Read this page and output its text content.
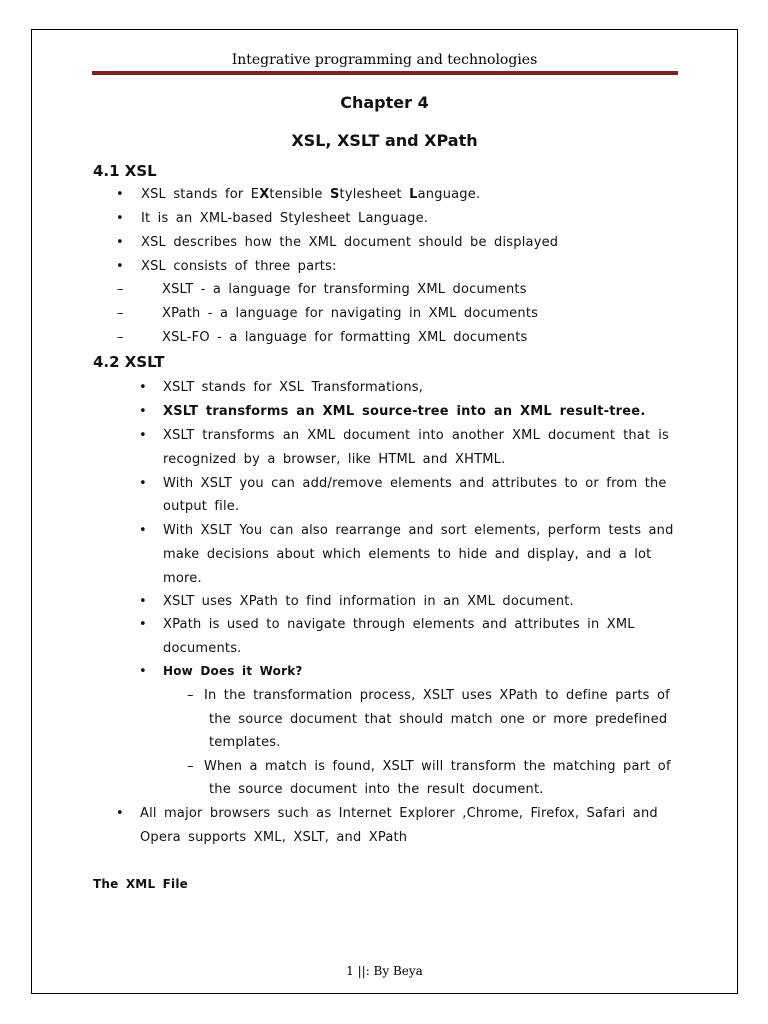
Integrative programming and technologies
Chapter 4
XSL, XSLT and XPath
4.1 XSL
• XSL stands for EXtensible Stylesheet Language.
• It is an XML-based Stylesheet Language.
• XSL describes how the XML document should be displayed
• XSL consists of three parts:
–	XSLT - a language for transforming XML documents
–	XPath - a language for navigating in XML documents
–	XSL-FO - a language for formatting XML documents
4.2 XSLT
• XSLT stands for XSL Transformations,
• XSLT transforms an XML source-tree into an XML result-tree.
• XSLT transforms an XML document into another XML document that is
recognized by a browser, like HTML and XHTML.
• With XSLT you can add/remove elements and attributes to or from the
output file.
• With XSLT You can also rearrange and sort elements, perform tests and
make decisions about which elements to hide and display, and a lot
more.
• XSLT uses XPath to find information in an XML document.
• XPath is used to navigate through elements and attributes in XML
documents.
• How Does it Work?
– In the transformation process, XSLT uses XPath to define parts of
the source document that should match one or more predefined
templates.
– When a match is found, XSLT will transform the matching part of
the source document into the result document.
• All major browsers such as Internet Explorer ,Chrome, Firefox, Safari and
Opera supports XML, XSLT, and XPath
The XML File
1 ||: By Beya
